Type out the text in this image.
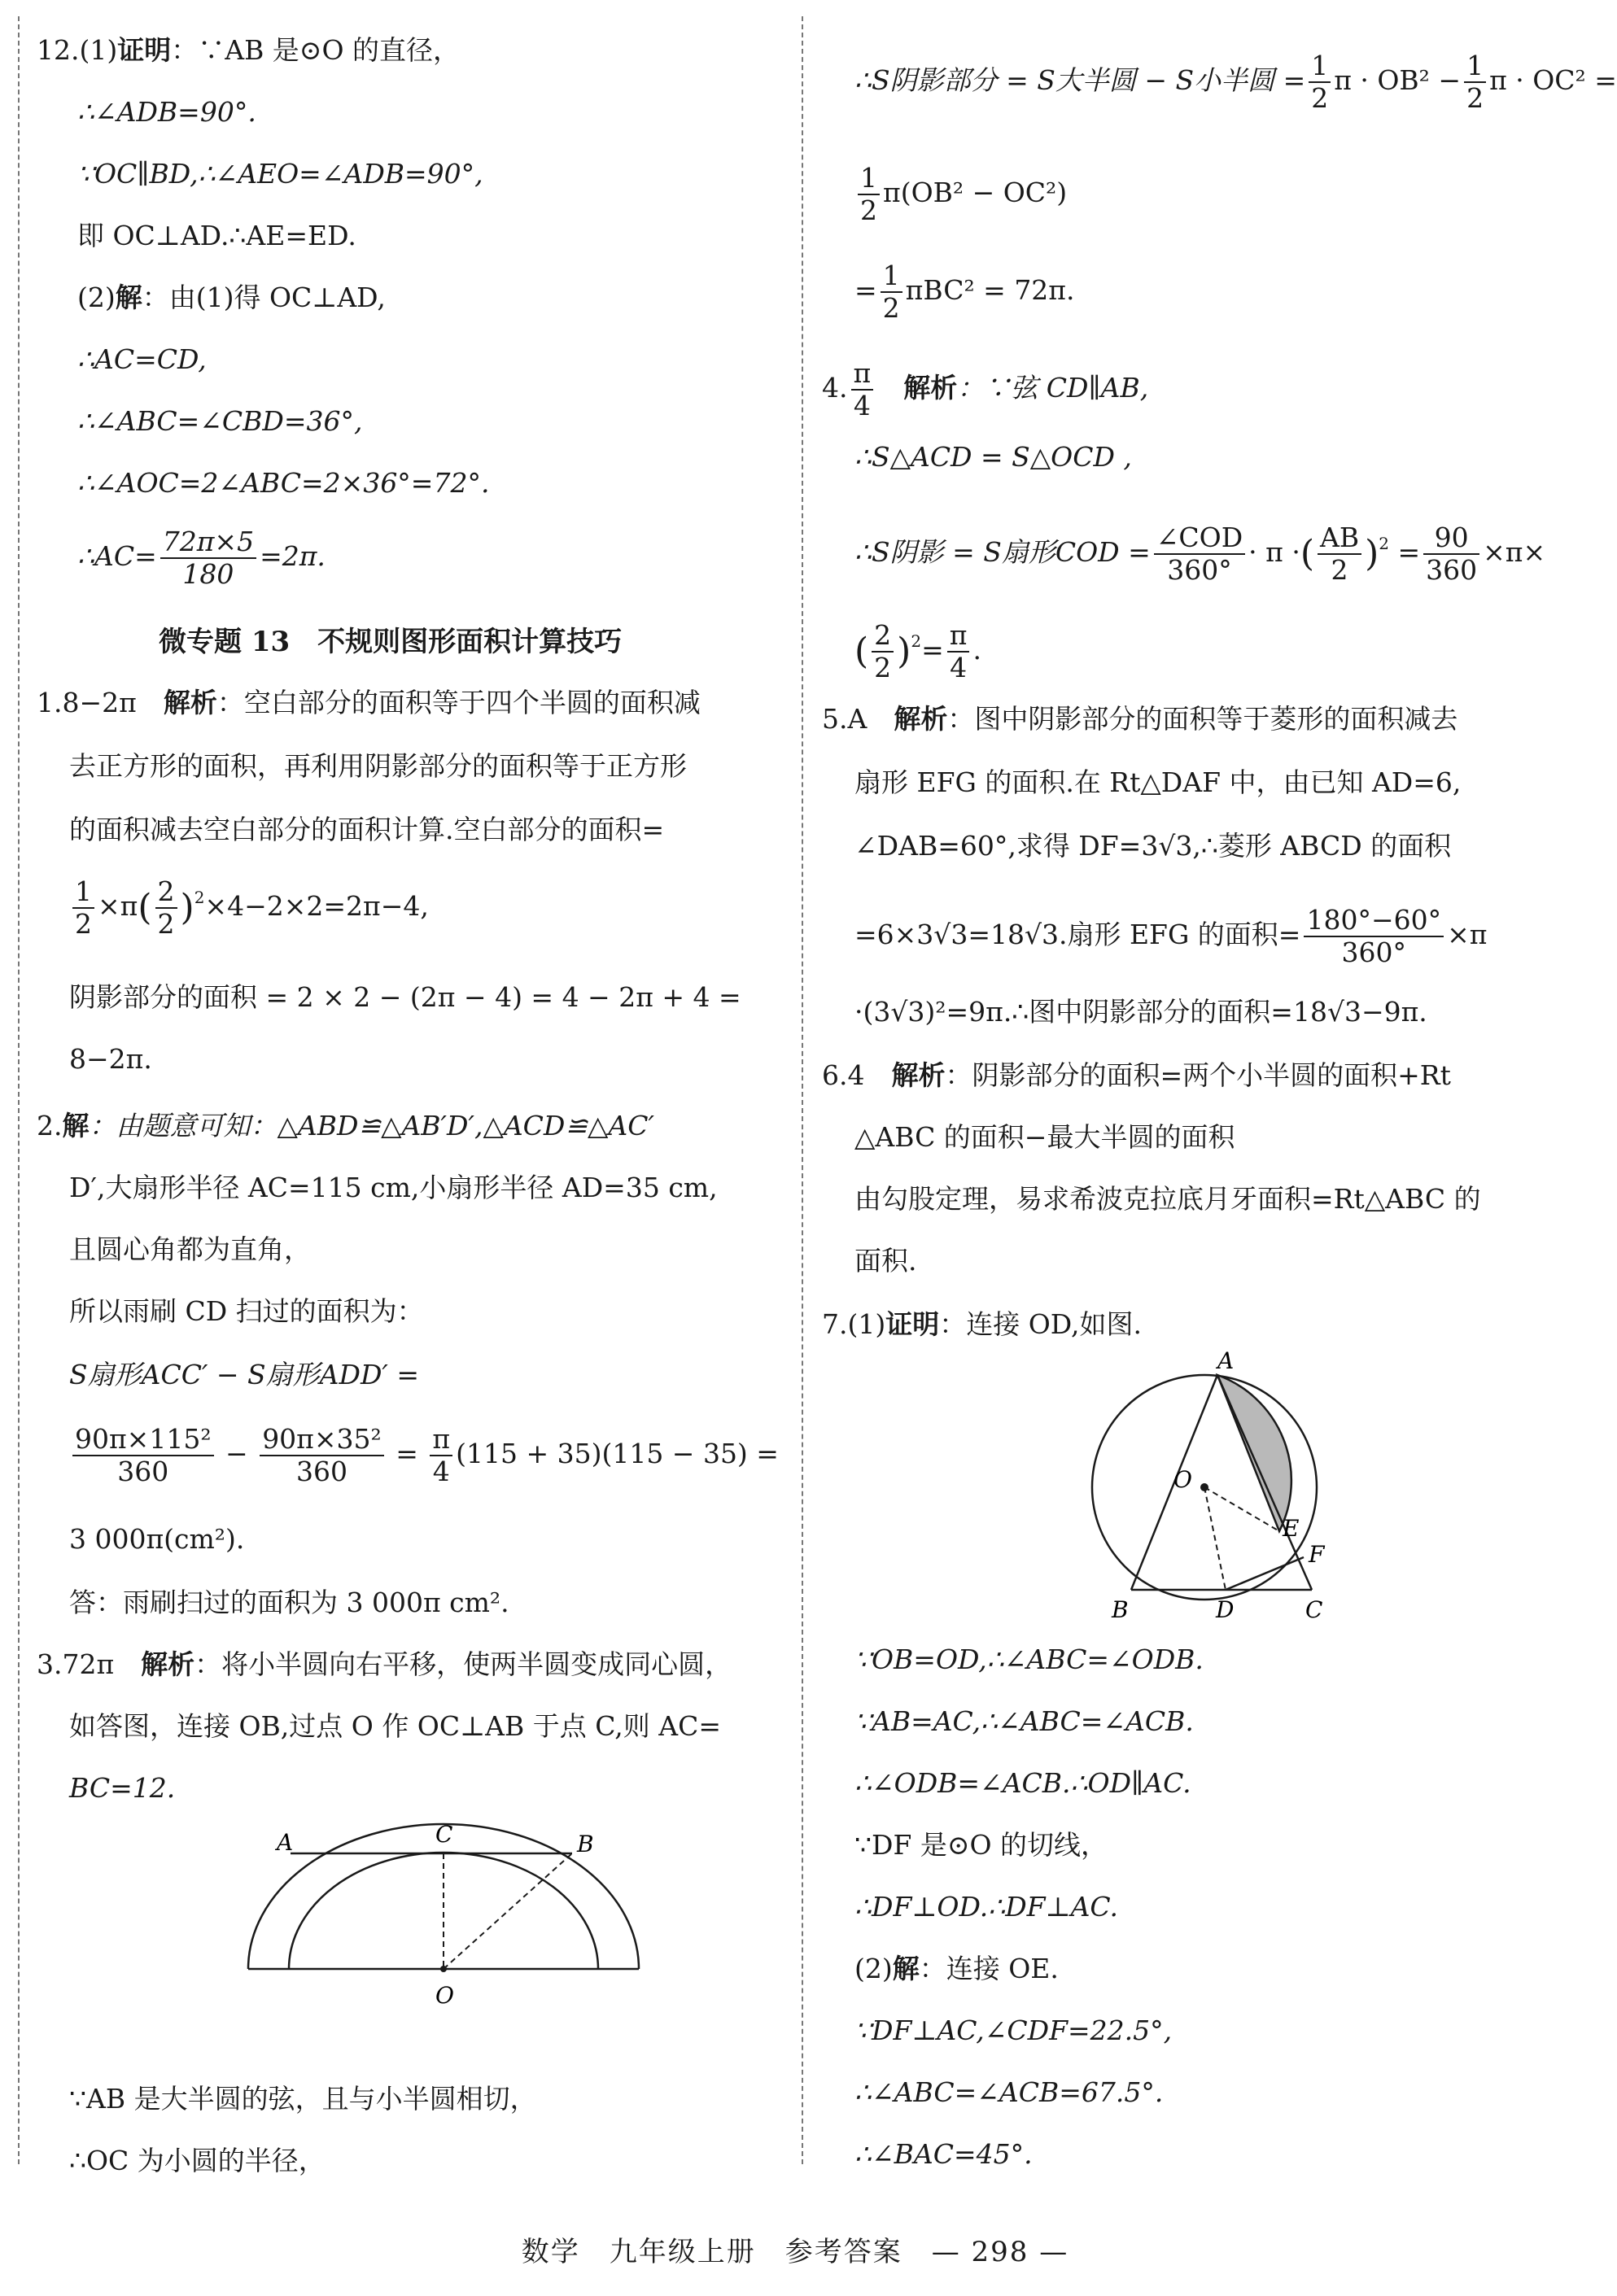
12.(1)证明：∵AB 是⊙O 的直径，
∴∠ADB=90°.
∵OC∥BD,∴∠AEO=∠ADB=90°,
即 OC⊥AD.∴AE=ED.
(2)解：由(1)得 OC⊥AD,
∴AC=CD,
∴∠ABC=∠CBD=36°,
∴∠AOC=2∠ABC=2×36°=72°.
∴AC= $\frac{72\pi\times 5}{180} =2\pi$.
微专题 13　不规则图形面积计算技巧
1.8−2π　 解析：空白部分的面积等于四个半圆的面积减
去正方形的面积，再利用阴影部分的面积等于正方形
的面积减去空白部分的面积计算.空白部分的面积=
$\frac{1}{2} \times\pi( \frac{2}{2} )^2\times 4-2\times 2=2\pi-4$,
阴影部分的面积 = 2 × 2 − (2π − 4) = 4 − 2π + 4 =
8−2π.
2.解：由题意可知：△ABD≌△AB′D′,△ACD≌△AC′
D′,大扇形半径 AC=115 cm,小扇形半径 AD=35 cm,
且圆心角都为直角，
所以雨刷 CD 扫过的面积为：
S扇形ACC′ − S扇形ADD′ =
$\frac{\text{90π×115²}}{360} - \frac{\text{90π×35²}}{360} = \frac{\pi}{4} (115 + 35)(115 - 35)$ =
3 000π(cm²).
答：雨刷扫过的面积为 3 000π cm².
3.72π　 解析：将小半圆向右平移，使两半圆变成同心圆，
如答图，连接 OB,过点 O 作 OC⊥AB 于点 C,则 AC=
BC=12.
A	C	B
O
∵AB 是大半圆的弦，且与小半圆相切，
∴OC 为小圆的半径，
∴S阴影部分 = S大半圆 − S小半圆 = $\frac{1}{2}$ $\pi \cdot OB^2 - \frac{1}{2}$ π · OC² =
$\frac{1}{2} \pi(OB^2 - OC^2)$
= $\frac{1}{2} \pi BC^2 = 72\pi$.
4. $\frac{\pi}{4}$
　 解析：∵弦 CD∥AB,
∴S△ACD = S△OCD ,
∴S阴影 = S扇形COD = $\frac{\text{∠COD}}{360^\circ} \cdot \pi$ ·( $\frac{AB}{2} )^2 = \frac{90}{360} \times\pi\times$
( $\frac{2}{2} )^2= \frac{\pi}{4}$ .
5.A　 解析：图中阴影部分的面积等于菱形的面积减去
扇形 EFG 的面积.在 Rt△DAF 中，由已知 AD=6,
∠DAB=60°,求得 DF=3√3,∴菱形 ABCD 的面积
=6×3√3=18√3.扇形 EFG 的面积= $\frac{180^\circ-60^\circ}{360^\circ} \times\pi$
·(3√3)²=9π.∴图中阴影部分的面积=18√3−9π.
6.4　 解析：阴影部分的面积=两个小半圆的面积+Rt
△ABC 的面积−最大半圆的面积
由勾股定理，易求希波克拉底月牙面积=Rt△ABC 的
面积.
7.(1)证明：连接 OD,如图.
A
O
E
F
B	D	C
∵OB=OD,∴∠ABC=∠ODB.
∵AB=AC,∴∠ABC=∠ACB.
∴∠ODB=∠ACB.∴OD∥AC.
∵DF 是⊙O 的切线，
∴DF⊥OD.∴DF⊥AC.
(2)解：连接 OE.
∵DF⊥AC,∠CDF=22.5°,
∴∠ABC=∠ACB=67.5°.
∴∠BAC=45°.
数学 九年级上册 参考答案 — 298 —
